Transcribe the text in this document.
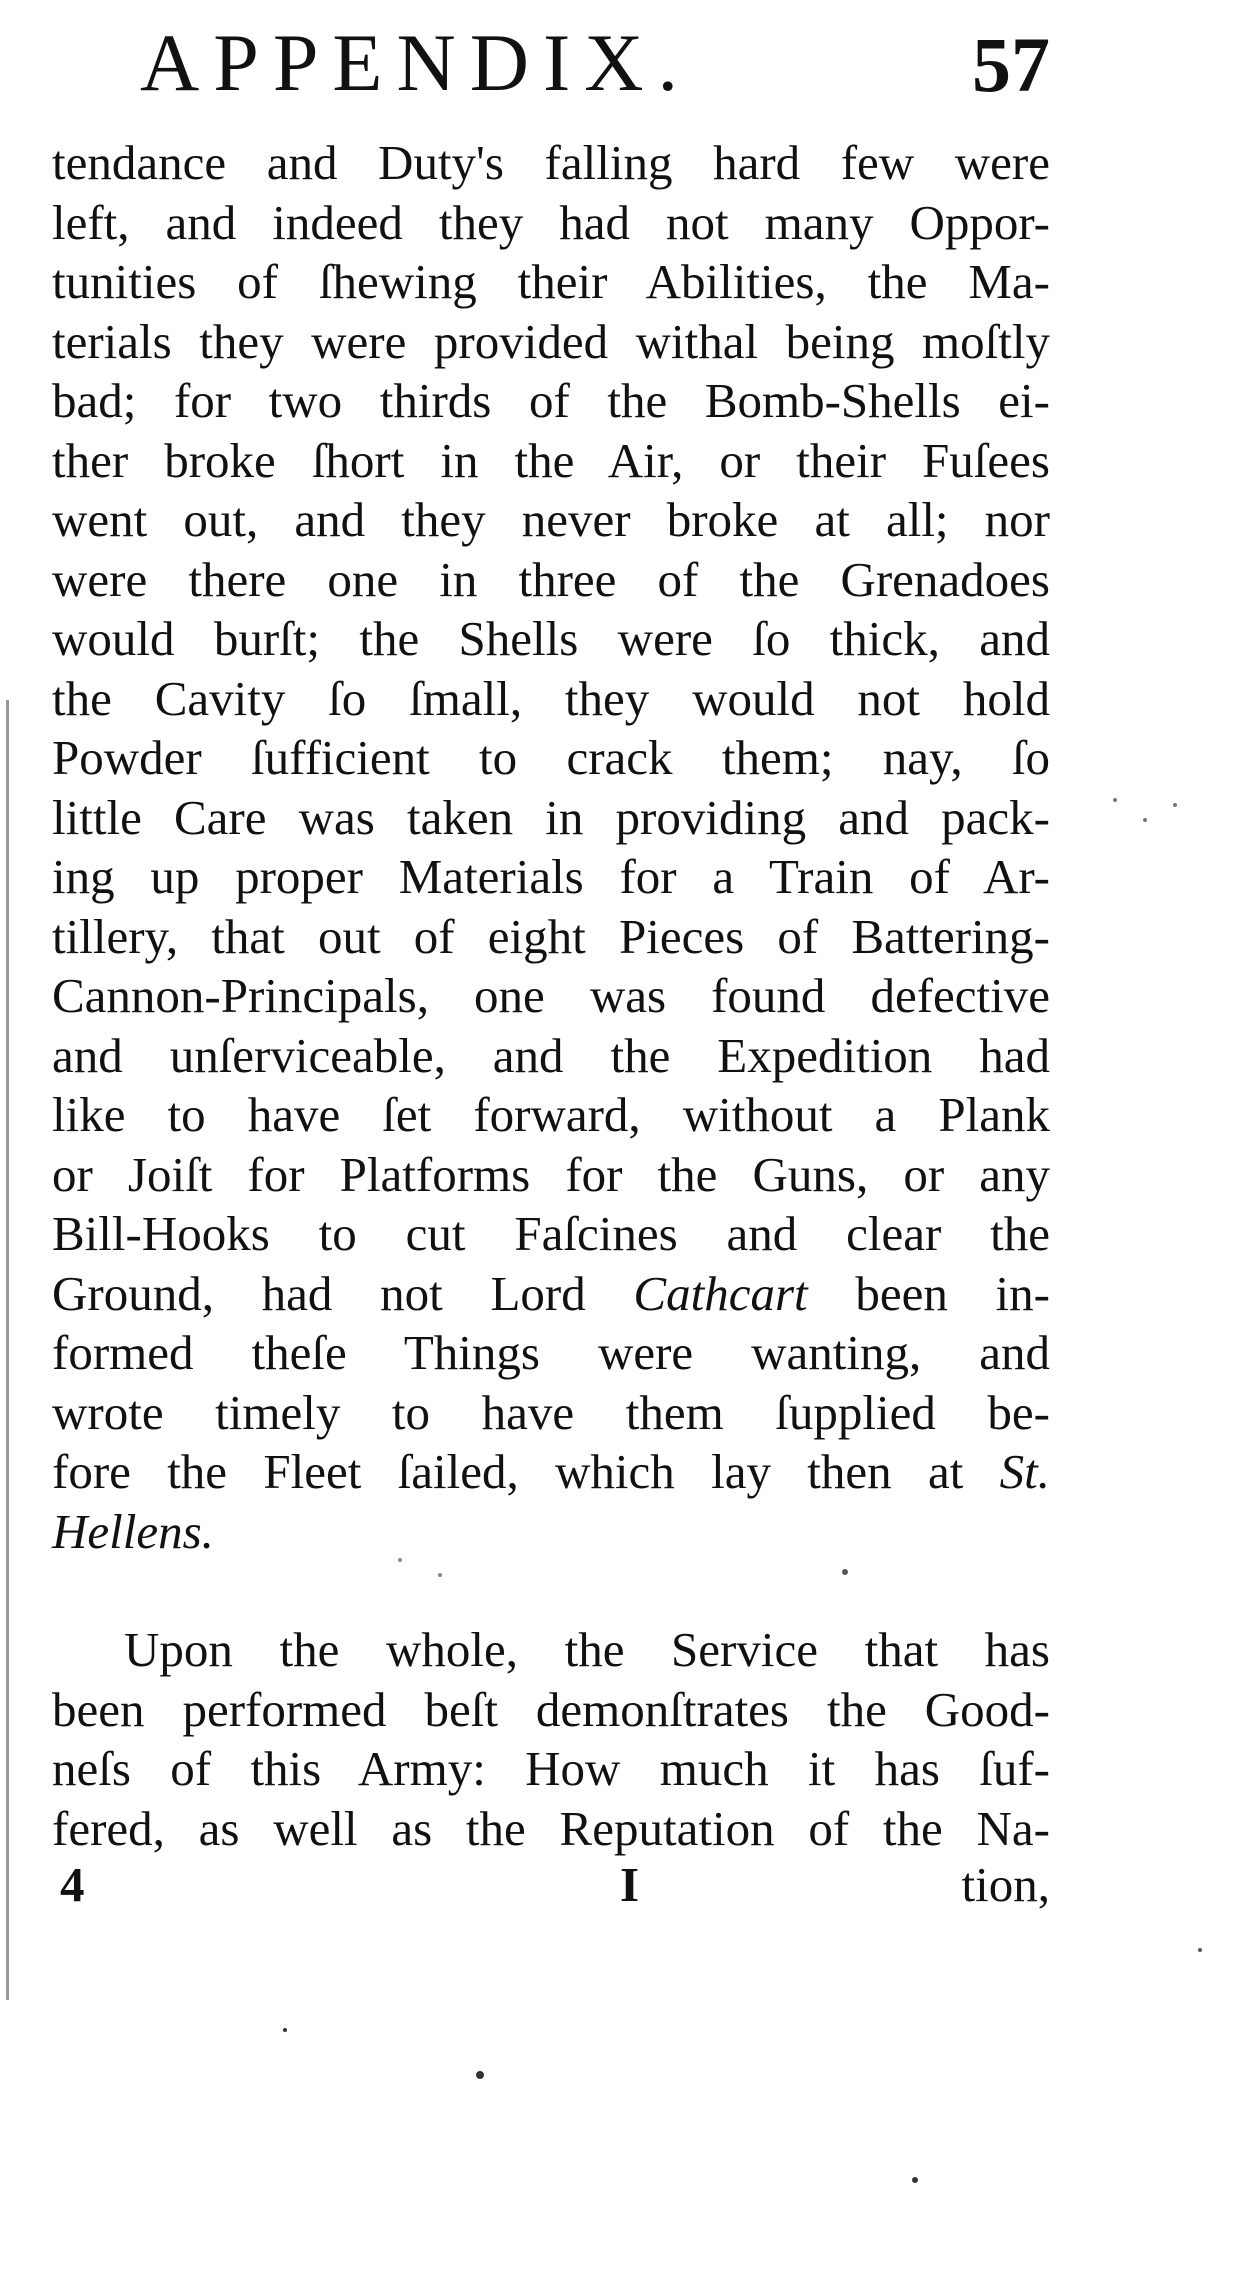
APPENDIX.	57
tendance and Duty's falling hard few were
left, and indeed they had not many Oppor-
tunities of ſhewing their Abilities, the Ma-
terials they were provided withal being moſtly
bad; for two thirds of the Bomb-Shells ei-
ther broke ſhort in the Air, or their Fuſees
went out, and they never broke at all; nor
were there one in three of the Grenadoes
would burſt; the Shells were ſo thick, and
the Cavity ſo ſmall, they would not hold
Powder ſufficient to crack them; nay, ſo
little Care was taken in providing and pack-
ing up proper Materials for a Train of Ar-
tillery, that out of eight Pieces of Battering-
Cannon-Principals, one was found defective
and unſerviceable, and the Expedition had
like to have ſet forward, without a Plank
or Joiſt for Platforms for the Guns, or any
Bill-Hooks to cut Faſcines and clear the
Ground, had not Lord Cathcart been in-
formed theſe Things were wanting, and
wrote timely to have them ſupplied be-
fore the Fleet ſailed, which lay then at St.
Hellens.
Upon the whole, the Service that has
been performed beſt demonſtrates the Good-
neſs of this Army: How much it has ſuf-
fered, as well as the Reputation of the Na-
4	I	tion,
